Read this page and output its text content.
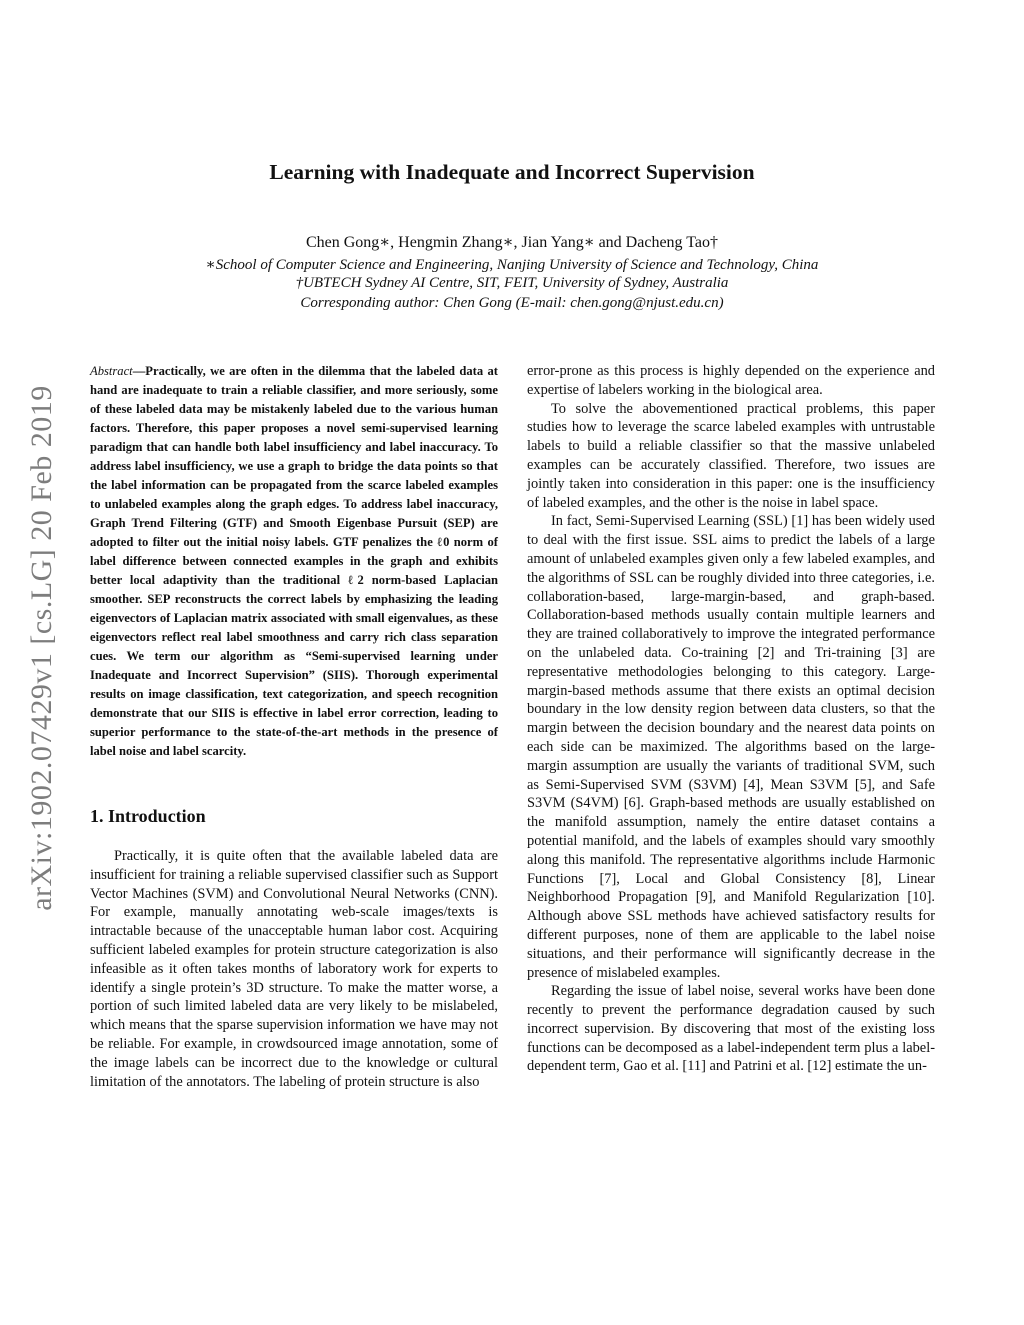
arXiv:1902.07429v1 [cs.LG] 20 Feb 2019
Learning with Inadequate and Incorrect Supervision
Chen Gong∗, Hengmin Zhang∗, Jian Yang∗ and Dacheng Tao†
∗School of Computer Science and Engineering, Nanjing University of Science and Technology, China
†UBTECH Sydney AI Centre, SIT, FEIT, University of Sydney, Australia
Corresponding author: Chen Gong (E-mail: chen.gong@njust.edu.cn)

Abstract—Practically, we are often in the dilemma that the labeled data at hand are inadequate to train a reliable classifier, and more seriously, some of these labeled data may be mistakenly labeled due to the various human factors. Therefore, this paper proposes a novel semi-supervised learning paradigm that can handle both label insufficiency and label inaccuracy. To address label insufficiency, we use a graph to bridge the data points so that the label information can be propagated from the scarce labeled examples to unlabeled examples along the graph edges. To address label inaccuracy, Graph Trend Filtering (GTF) and Smooth Eigenbase Pursuit (SEP) are adopted to filter out the initial noisy labels. GTF penalizes the ℓ0 norm of label difference between connected examples in the graph and exhibits better local adaptivity than the traditional ℓ2 norm-based Laplacian smoother. SEP reconstructs the correct labels by emphasizing the leading eigenvectors of Laplacian matrix associated with small eigenvalues, as these eigenvectors reflect real label smoothness and carry rich class separation cues. We term our algorithm as “Semi-supervised learning under Inadequate and Incorrect Supervision” (SIIS). Thorough experimental results on image classification, text categorization, and speech recognition demonstrate that our SIIS is effective in label error correction, leading to superior performance to the state-of-the-art methods in the presence of label noise and label scarcity.

1. Introduction

Practically, it is quite often that the available labeled data are insufficient for training a reliable supervised classifier such as Support Vector Machines (SVM) and Convolutional Neural Networks (CNN). For example, manually annotating web-scale images/texts is intractable because of the unacceptable human labor cost. Acquiring sufficient labeled examples for protein structure categorization is also infeasible as it often takes months of laboratory work for experts to identify a single protein’s 3D structure. To make the matter worse, a portion of such limited labeled data are very likely to be mislabeled, which means that the sparse supervision information we have may not be reliable. For example, in crowdsourced image annotation, some of the image labels can be incorrect due to the knowledge or cultural limitation of the annotators. The labeling of protein structure is also

error-prone as this process is highly depended on the experience and expertise of labelers working in the biological area.

To solve the abovementioned practical problems, this paper studies how to leverage the scarce labeled examples with untrustable labels to build a reliable classifier so that the massive unlabeled examples can be accurately classified. Therefore, two issues are jointly taken into consideration in this paper: one is the insufficiency of labeled examples, and the other is the noise in label space.

In fact, Semi-Supervised Learning (SSL) [1] has been widely used to deal with the first issue. SSL aims to predict the labels of a large amount of unlabeled examples given only a few labeled examples, and the algorithms of SSL can be roughly divided into three categories, i.e. collaboration-based, large-margin-based, and graph-based. Collaboration-based methods usually contain multiple learners and they are trained collaboratively to improve the integrated performance on the unlabeled data. Co-training [2] and Tri-training [3] are representative methodologies belonging to this category. Large-margin-based methods assume that there exists an optimal decision boundary in the low density region between data clusters, so that the margin between the decision boundary and the nearest data points on each side can be maximized. The algorithms based on the large-margin assumption are usually the variants of traditional SVM, such as Semi-Supervised SVM (S3VM) [4], Mean S3VM [5], and Safe S3VM (S4VM) [6]. Graph-based methods are usually established on the manifold assumption, namely the entire dataset contains a potential manifold, and the labels of examples should vary smoothly along this manifold. The representative algorithms include Harmonic Functions [7], Local and Global Consistency [8], Linear Neighborhood Propagation [9], and Manifold Regularization [10]. Although above SSL methods have achieved satisfactory results for different purposes, none of them are applicable to the label noise situations, and their performance will significantly decrease in the presence of mislabeled examples.

Regarding the issue of label noise, several works have been done recently to prevent the performance degradation caused by such incorrect supervision. By discovering that most of the existing loss functions can be decomposed as a label-independent term plus a label-dependent term, Gao et al. [11] and Patrini et al. [12] estimate the un-
